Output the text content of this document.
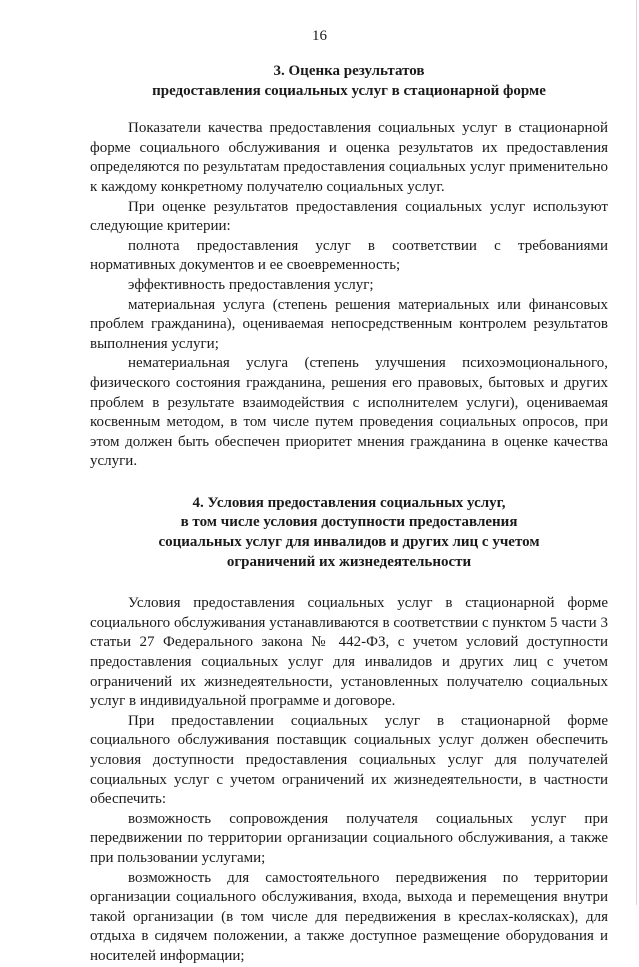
16
3. Оценка результатов
предоставления социальных услуг в стационарной форме

Показатели качества предоставления социальных услуг в стационарной форме социального обслуживания и оценка результатов их предоставления определяются по результатам предоставления социальных услуг применительно к каждому конкретному получателю социальных услуг.

При оценке результатов предоставления социальных услуг используют следующие критерии:

полнота предоставления услуг в соответствии с требованиями нормативных документов и ее своевременность;

эффективность предоставления услуг;

материальная услуга (степень решения материальных или финансовых проблем гражданина), оцениваемая непосредственным контролем результатов выполнения услуги;

нематериальная услуга (степень улучшения психоэмоционального, физического состояния гражданина, решения его правовых, бытовых и других проблем в результате взаимодействия с исполнителем услуги), оцениваемая косвенным методом, в том числе путем проведения социальных опросов, при этом должен быть обеспечен приоритет мнения гражданина в оценке качества услуги.

4. Условия предоставления социальных услуг,
в том числе условия доступности предоставления
социальных услуг для инвалидов и других лиц с учетом
ограничений их жизнедеятельности

Условия предоставления социальных услуг в стационарной форме социального обслуживания устанавливаются в соответствии с пунктом 5 части 3 статьи 27 Федерального закона № 442-ФЗ, с учетом условий доступности предоставления социальных услуг для инвалидов и других лиц с учетом ограничений их жизнедеятельности, установленных получателю социальных услуг в индивидуальной программе и договоре.

При предоставлении социальных услуг в стационарной форме социального обслуживания поставщик социальных услуг должен обеспечить условия доступности предоставления социальных услуг для получателей социальных услуг с учетом ограничений их жизнедеятельности, в частности обеспечить:

возможность сопровождения получателя социальных услуг при передвижении по территории организации социального обслуживания, а также при пользовании услугами;

возможность для самостоятельного передвижения по территории организации социального обслуживания, входа, выхода и перемещения внутри такой организации (в том числе для передвижения в креслах-колясках), для отдыха в сидячем положении, а также доступное размещение оборудования и носителей информации;
